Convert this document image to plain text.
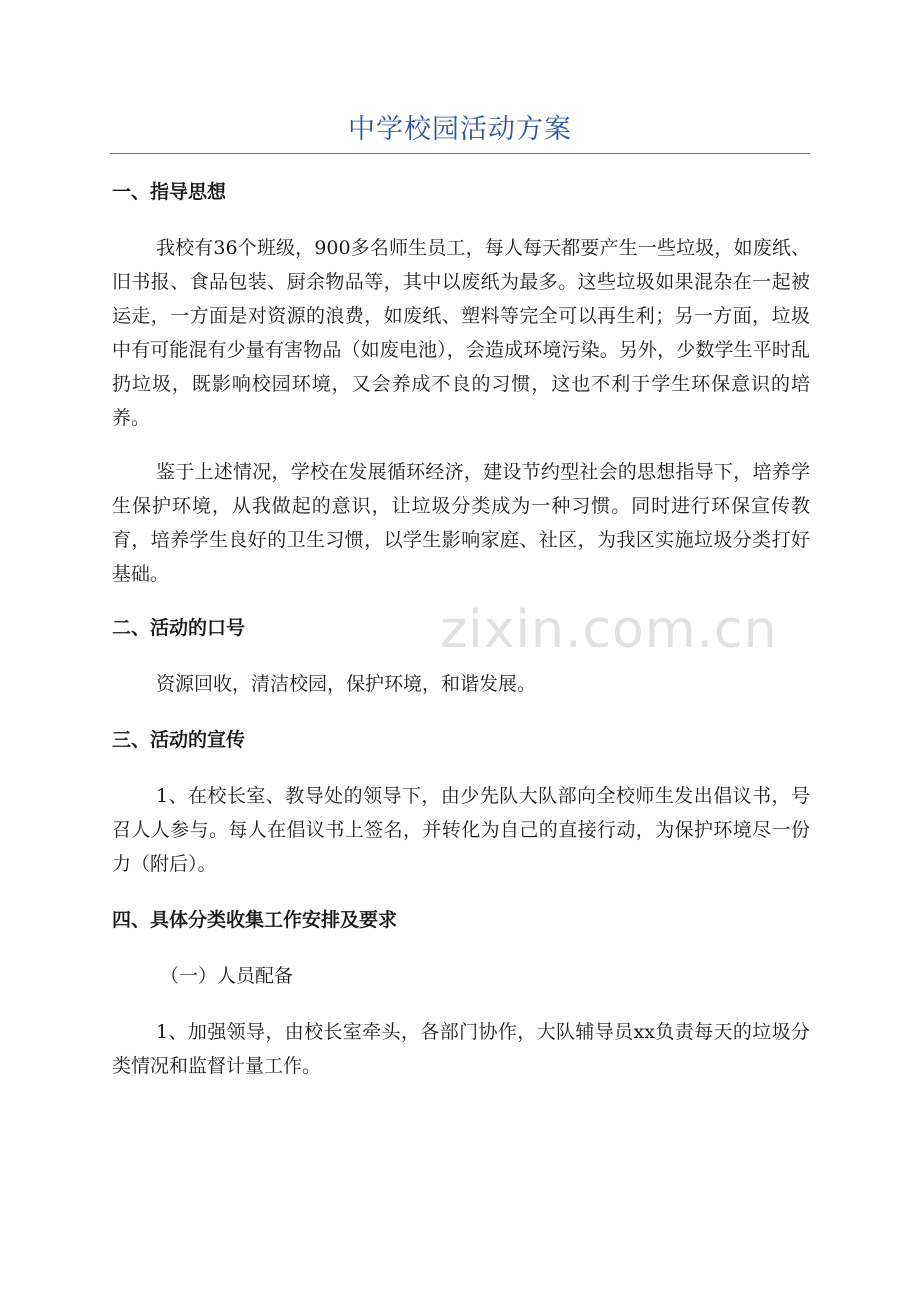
中学校园活动方案
一、指导思想

我校有36个班级，900多名师生员工，每人每天都要产生一些垃圾，如废纸、旧书报、食品包装、厨余物品等，其中以废纸为最多。这些垃圾如果混杂在一起被运走，一方面是对资源的浪费，如废纸、塑料等完全可以再生利；另一方面，垃圾中有可能混有少量有害物品（如废电池），会造成环境污染。另外，少数学生平时乱扔垃圾，既影响校园环境，又会养成不良的习惯，这也不利于学生环保意识的培养。

鉴于上述情况，学校在发展循环经济，建设节约型社会的思想指导下，培养学生保护环境，从我做起的意识，让垃圾分类成为一种习惯。同时进行环保宣传教育，培养学生良好的卫生习惯，以学生影响家庭、社区，为我区实施垃圾分类打好基础。

二、活动的口号

资源回收，清洁校园，保护环境，和谐发展。

三、活动的宣传

1、在校长室、教导处的领导下，由少先队大队部向全校师生发出倡议书，号召人人参与。每人在倡议书上签名，并转化为自己的直接行动，为保护环境尽一份力（附后）。

四、具体分类收集工作安排及要求
（一）人员配备

1、加强领导，由校长室牵头，各部门协作，大队辅导员xx负责每天的垃圾分类情况和监督计量工作。

zixin.com.cn
